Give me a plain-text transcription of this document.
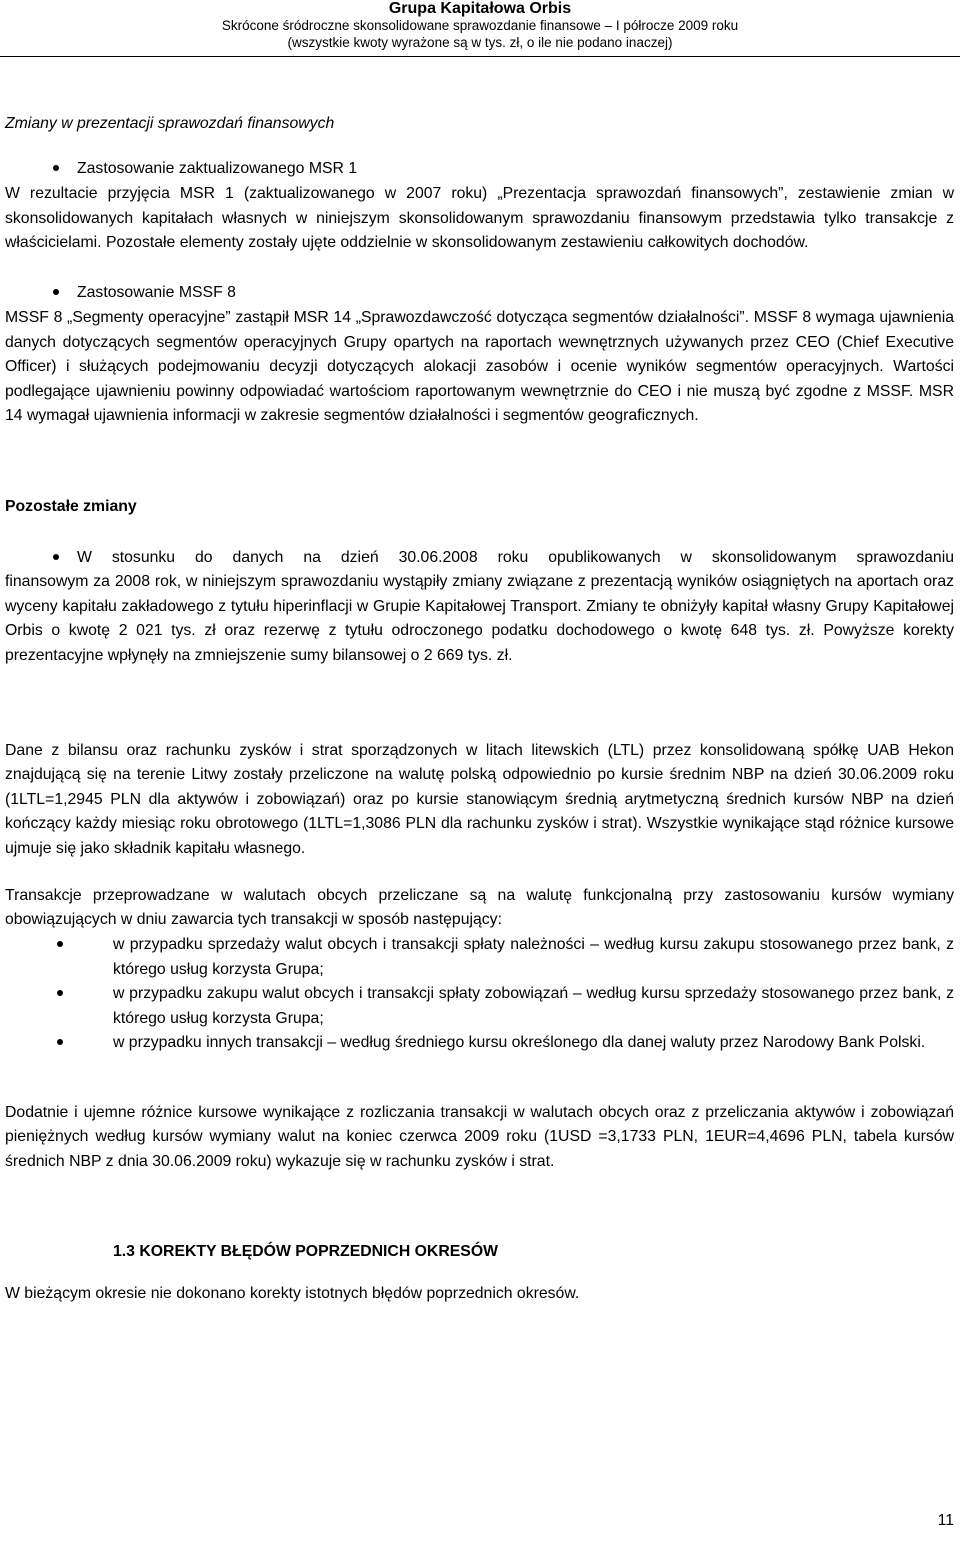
Grupa Kapitałowa Orbis
Skrócone śródroczne skonsolidowane sprawozdanie finansowe – I półrocze 2009 roku
(wszystkie kwoty wyrażone są w tys. zł, o ile nie podano inaczej)
Zmiany w prezentacji sprawozdań finansowych
Zastosowanie zaktualizowanego MSR 1
W rezultacie przyjęcia MSR 1 (zaktualizowanego w 2007 roku) „Prezentacja sprawozdań finansowych”, zestawienie zmian w skonsolidowanych kapitałach własnych w niniejszym skonsolidowanym sprawozdaniu finansowym przedstawia tylko transakcje z właścicielami. Pozostałe elementy zostały ujęte oddzielnie w skonsolidowanym zestawieniu całkowitych dochodów.
Zastosowanie MSSF 8
MSSF 8 „Segmenty operacyjne” zastąpił MSR 14 „Sprawozdawczość dotycząca segmentów działalności”. MSSF 8 wymaga ujawnienia danych dotyczących segmentów operacyjnych Grupy opartych na raportach wewnętrznych używanych przez CEO (Chief Executive Officer) i służących podejmowaniu decyzji dotyczących alokacji zasobów i ocenie wyników segmentów operacyjnych. Wartości podlegające ujawnieniu powinny odpowiadać wartościom raportowanym wewnętrznie do CEO i nie muszą być zgodne z MSSF. MSR 14 wymagał ujawnienia informacji w zakresie segmentów działalności i segmentów geograficznych.
Pozostałe zmiany
W stosunku do danych na dzień 30.06.2008 roku opublikowanych w skonsolidowanym sprawozdaniu
finansowym za 2008 rok, w niniejszym sprawozdaniu wystąpiły zmiany związane z prezentacją wyników osiągniętych na aportach oraz wyceny kapitału zakładowego z tytułu hiperinflacji w Grupie Kapitałowej Transport. Zmiany te obniżyły kapitał własny Grupy Kapitałowej Orbis o kwotę 2 021 tys. zł oraz rezerwę z tytułu odroczonego podatku dochodowego o kwotę 648 tys. zł. Powyższe korekty prezentacyjne wpłynęły na zmniejszenie sumy bilansowej o 2 669 tys. zł.
Dane z bilansu oraz rachunku zysków i strat sporządzonych w litach litewskich (LTL) przez konsolidowaną spółkę UAB Hekon znajdującą się na terenie Litwy zostały przeliczone na walutę polską odpowiednio po kursie średnim NBP na dzień 30.06.2009 roku (1LTL=1,2945 PLN dla aktywów i zobowiązań) oraz po kursie stanowiącym średnią arytmetyczną średnich kursów NBP na dzień kończący każdy miesiąc roku obrotowego (1LTL=1,3086 PLN dla rachunku zysków i strat). Wszystkie wynikające stąd różnice kursowe ujmuje się jako składnik kapitału własnego.
Transakcje przeprowadzane w walutach obcych przeliczane są na walutę funkcjonalną przy zastosowaniu kursów wymiany obowiązujących w dniu zawarcia tych transakcji w sposób następujący:
w przypadku sprzedaży walut obcych i transakcji spłaty należności – według kursu zakupu stosowanego przez bank, z którego usług korzysta Grupa;
w przypadku zakupu walut obcych i transakcji spłaty zobowiązań – według kursu sprzedaży stosowanego przez bank, z którego usług korzysta Grupa;
w przypadku innych transakcji – według średniego kursu określonego dla danej waluty przez Narodowy Bank Polski.
Dodatnie i ujemne różnice kursowe wynikające z rozliczania transakcji w walutach obcych oraz z przeliczania aktywów i zobowiązań pieniężnych według kursów wymiany walut na koniec czerwca 2009 roku (1USD =3,1733 PLN, 1EUR=4,4696 PLN, tabela kursów średnich NBP z dnia 30.06.2009 roku) wykazuje się w rachunku zysków i strat.
1.3 KOREKTY BŁĘDÓW POPRZEDNICH OKRESÓW
W bieżącym okresie nie dokonano korekty istotnych błędów poprzednich okresów.
11
